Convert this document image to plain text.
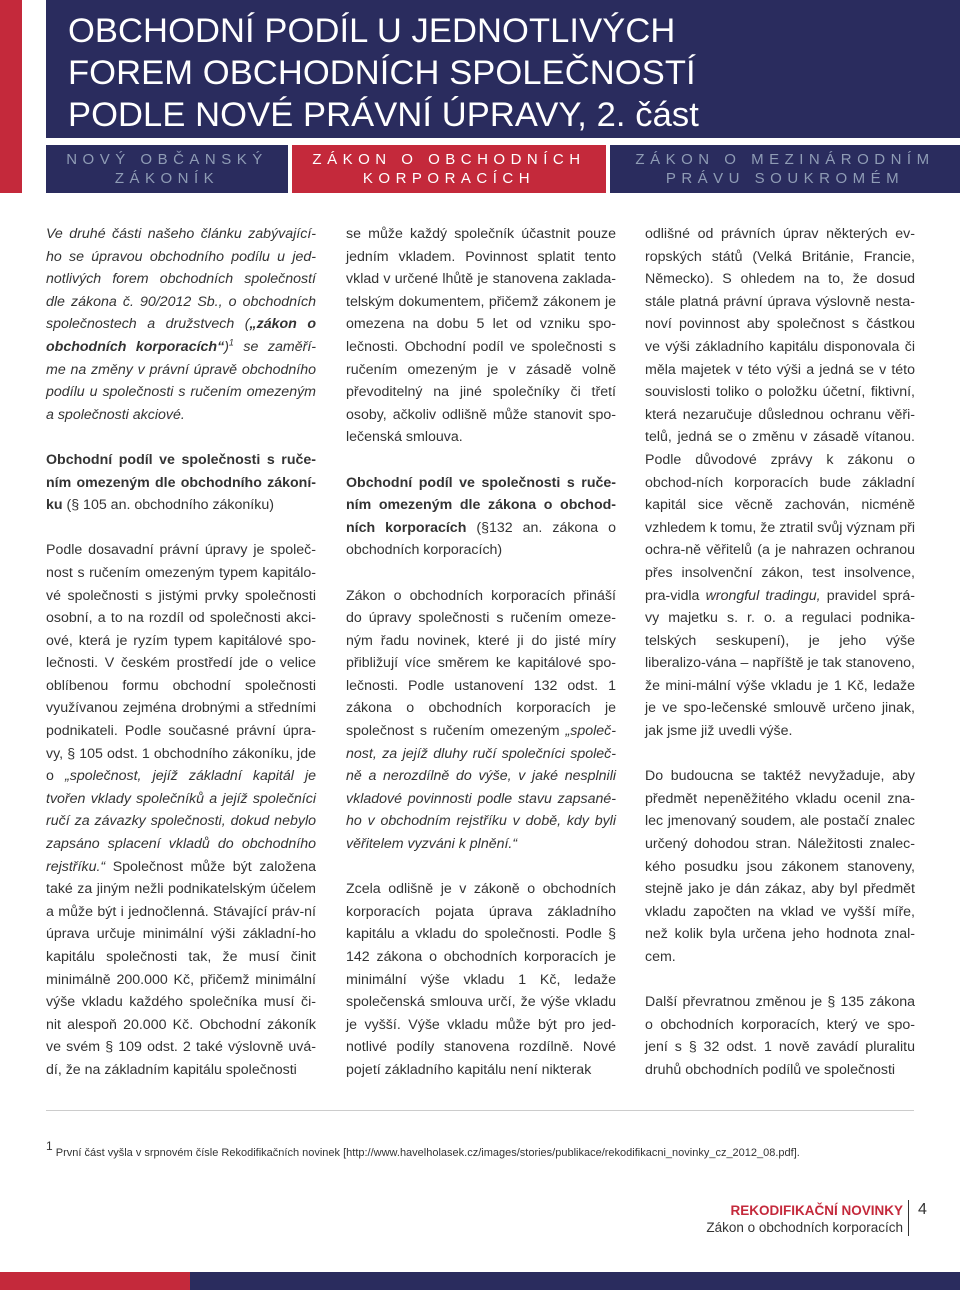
OBCHODNÍ PODÍL U JEDNOTLIVÝCH
FOREM OBCHODNÍCH SPOLEČNOSTÍ
PODLE NOVÉ PRÁVNÍ ÚPRAVY, 2. část
NOVÝ OBČANSKÝ
ZÁKONÍK
ZÁKON O OBCHODNÍCH
KORPORACÍCH
ZÁKON O MEZINÁRODNÍM
PRÁVU SOUKROMÉM

Ve druhé části našeho článku zabývající-ho se úpravou obchodního podílu u jed-notlivých forem obchodních společností dle zákona č. 90/2012 Sb., o obchodních společnostech a družstvech („zákon o obchodních korporacích“)$^1$ se zaměří-me na změny v právní úpravě obchodního podílu u společnosti s ručením omezeným a společnosti akciové.

Obchodní podíl ve společnosti s ruče-ním omezeným dle obchodního zákoní-ku (§ 105 an. obchodního zákoníku)

Podle dosavadní právní úpravy je společ-nost s ručením omezeným typem kapitálo-vé společnosti s jistými prvky společnosti osobní, a to na rozdíl od společnosti akci-ové, která je ryzím typem kapitálové spo-lečnosti. V českém prostředí jde o velice oblíbenou formu obchodní společnosti využívanou zejména drobnými a středními podnikateli. Podle současné právní úpra-vy, § 105 odst. 1 obchodního zákoníku, jde o „společnost, jejíž základní kapitál je tvořen vklady společníků a jejíž společníci ručí za závazky společnosti, dokud nebylo zapsáno splacení vkladů do obchodního rejstříku.“ Společnost může být založena také za jiným nežli podnikatelským účelem a může být i jednočlenná. Stávající práv-ní úprava určuje minimální výši základní-ho kapitálu společnosti tak, že musí činit minimálně 200.000 Kč, přičemž minimální výše vkladu každého společníka musí či-nit alespoň 20.000 Kč. Obchodní zákoník ve svém § 109 odst. 2 také výslovně uvá-dí, že na základním kapitálu společnosti

se může každý společník účastnit pouze jedním vkladem. Povinnost splatit tento vklad v určené lhůtě je stanovena zaklada-telským dokumentem, přičemž zákonem je omezena na dobu 5 let od vzniku spo-lečnosti. Obchodní podíl ve společnosti s ručením omezeným je v zásadě volně převoditelný na jiné společníky či třetí osoby, ačkoliv odlišně může stanovit spo-lečenská smlouva.

Obchodní podíl ve společnosti s ruče-ním omezeným dle zákona o obchod-ních korporacích (§132 an. zákona o obchodních korporacích)

Zákon o obchodních korporacích přináší do úpravy společnosti s ručením omeze-ným řadu novinek, které ji do jisté míry přibližují více směrem ke kapitálové spo-lečnosti. Podle ustanovení 132 odst. 1 zákona o obchodních korporacích je společnost s ručením omezeným „společ-nost, za jejíž dluhy ručí společníci společ-ně a nerozdílně do výše, v jaké nesplnili vkladové povinnosti podle stavu zapsané-ho v obchodním rejstříku v době, kdy byli věřitelem vyzváni k plnění.“

Zcela odlišně je v zákoně o obchodních korporacích pojata úprava základního kapitálu a vkladu do společnosti. Podle § 142 zákona o obchodních korporacích je minimální výše vkladu 1 Kč, ledaže společenská smlouva určí, že výše vkladu je vyšší. Výše vkladu může být pro jed-notlivé podíly stanovena rozdílně. Nové pojetí základního kapitálu není nikterak

odlišné od právních úprav některých ev-ropských států (Velká Británie, Francie, Německo). S ohledem na to, že dosud stále platná právní úprava výslovně nesta-noví povinnost aby společnost s částkou ve výši základního kapitálu disponovala či měla majetek v této výši a jedná se v této souvislosti toliko o položku účetní, fiktivní, která nezaručuje důslednou ochranu věři-telů, jedná se o změnu v zásadě vítanou. Podle důvodové zprávy k zákonu o obchod-ních korporacích bude základní kapitál sice věcně zachován, nicméně vzhledem k tomu, že ztratil svůj význam při ochra-ně věřitelů (a je nahrazen ochranou přes insolvenční zákon, test insolvence, pra-vidla wrongful tradingu, pravidel sprá-vy majetku s. r. o. a regulaci podnika-telských seskupení), je jeho výše liberalizo-vána – napříště je tak stanoveno, že mini-mální výše vkladu je 1 Kč, ledaže je ve spo-lečenské smlouvě určeno jinak, jak jsme již uvedli výše.

Do budoucna se taktéž nevyžaduje, aby předmět nepeněžitého vkladu ocenil zna-lec jmenovaný soudem, ale postačí znalec určený dohodou stran. Náležitosti znalec-kého posudku jsou zákonem stanoveny, stejně jako je dán zákaz, aby byl předmět vkladu započten na vklad ve vyšší míře, než kolik byla určena jeho hodnota znal-cem.

Další převratnou změnou je § 135 zákona o obchodních korporacích, který ve spo-jení s § 32 odst. 1 nově zavádí pluralitu druhů obchodních podílů ve společnosti

$^1$ První část vyšla v srpnovém čísle Rekodifikačních novinek [http://www.havelholasek.cz/images/stories/publikace/rekodifikacni_novinky_cz_2012_08.pdf].
REKODIFIKAČNÍ NOVINKY
Zákon o obchodních korporacích
4
